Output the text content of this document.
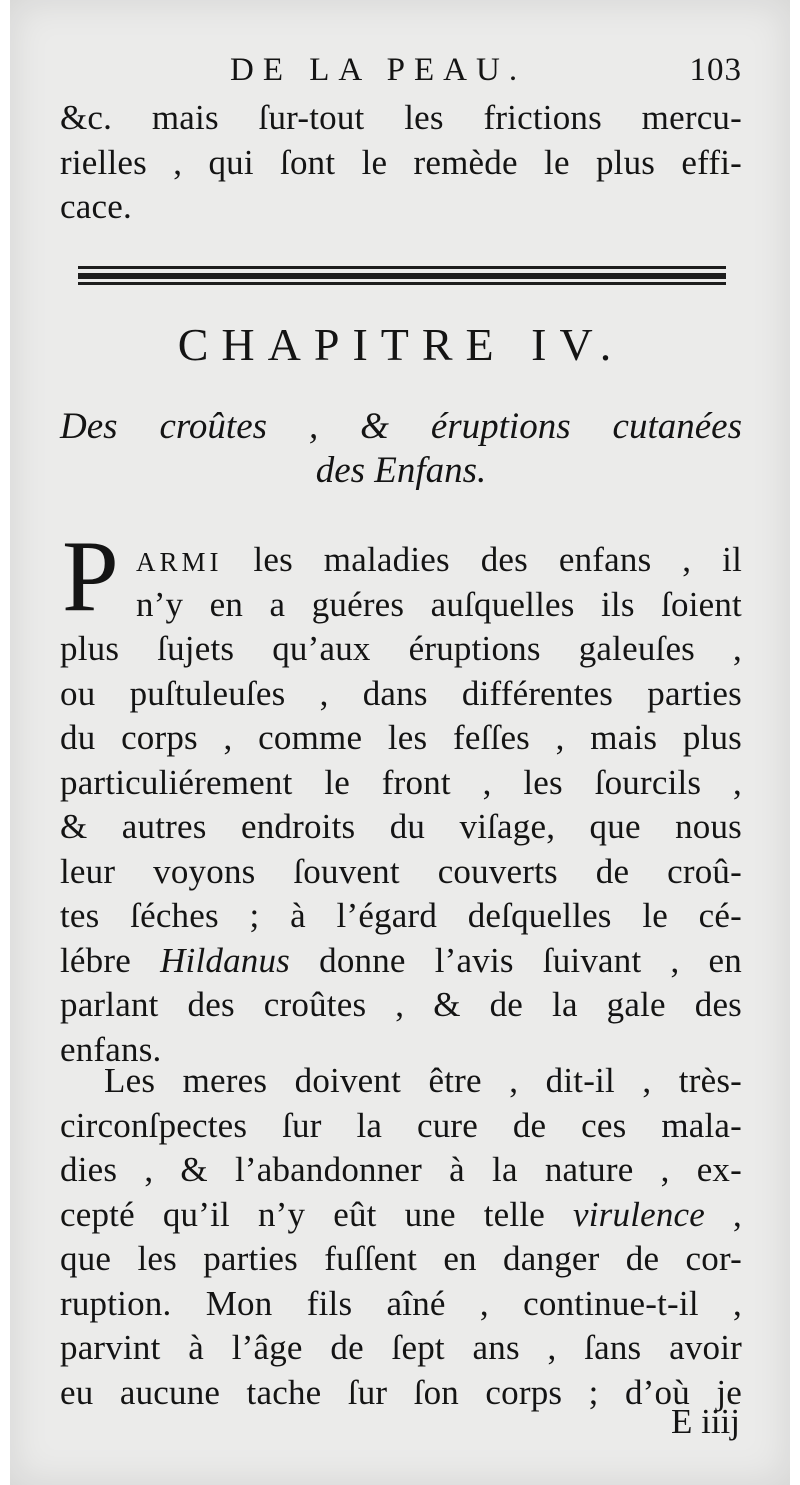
DE LA PEAU.	103
&c. mais ſur-tout les frictions mercu-
rielles , qui ſont le remède le plus effi-
cace.
CHAPITRE IV.
Des croûtes , & éruptions cutanées
des Enfans.
P ARMI les maladies des enfans , il
n’y en a guéres auſquelles ils ſoient
plus ſujets qu’aux éruptions galeuſes ,
ou puſtuleuſes , dans différentes parties
du corps , comme les feſſes , mais plus
particuliérement le front , les ſourcils ,
& autres endroits du viſage, que nous
leur voyons ſouvent couverts de croû-
tes ſéches ; à l’égard deſquelles le cé-
lébre Hildanus donne l’avis ſuivant , en
parlant des croûtes , & de la gale des
enfans.
Les meres doivent être , dit-il , très-
circonſpectes ſur la cure de ces mala-
dies , & l’abandonner à la nature , ex-
cepté qu’il n’y eût une telle virulence ,
que les parties fuſſent en danger de cor-
ruption. Mon fils aîné , continue-t-il ,
parvint à l’âge de ſept ans , ſans avoir
eu aucune tache ſur ſon corps ; d’où je
E iiij
